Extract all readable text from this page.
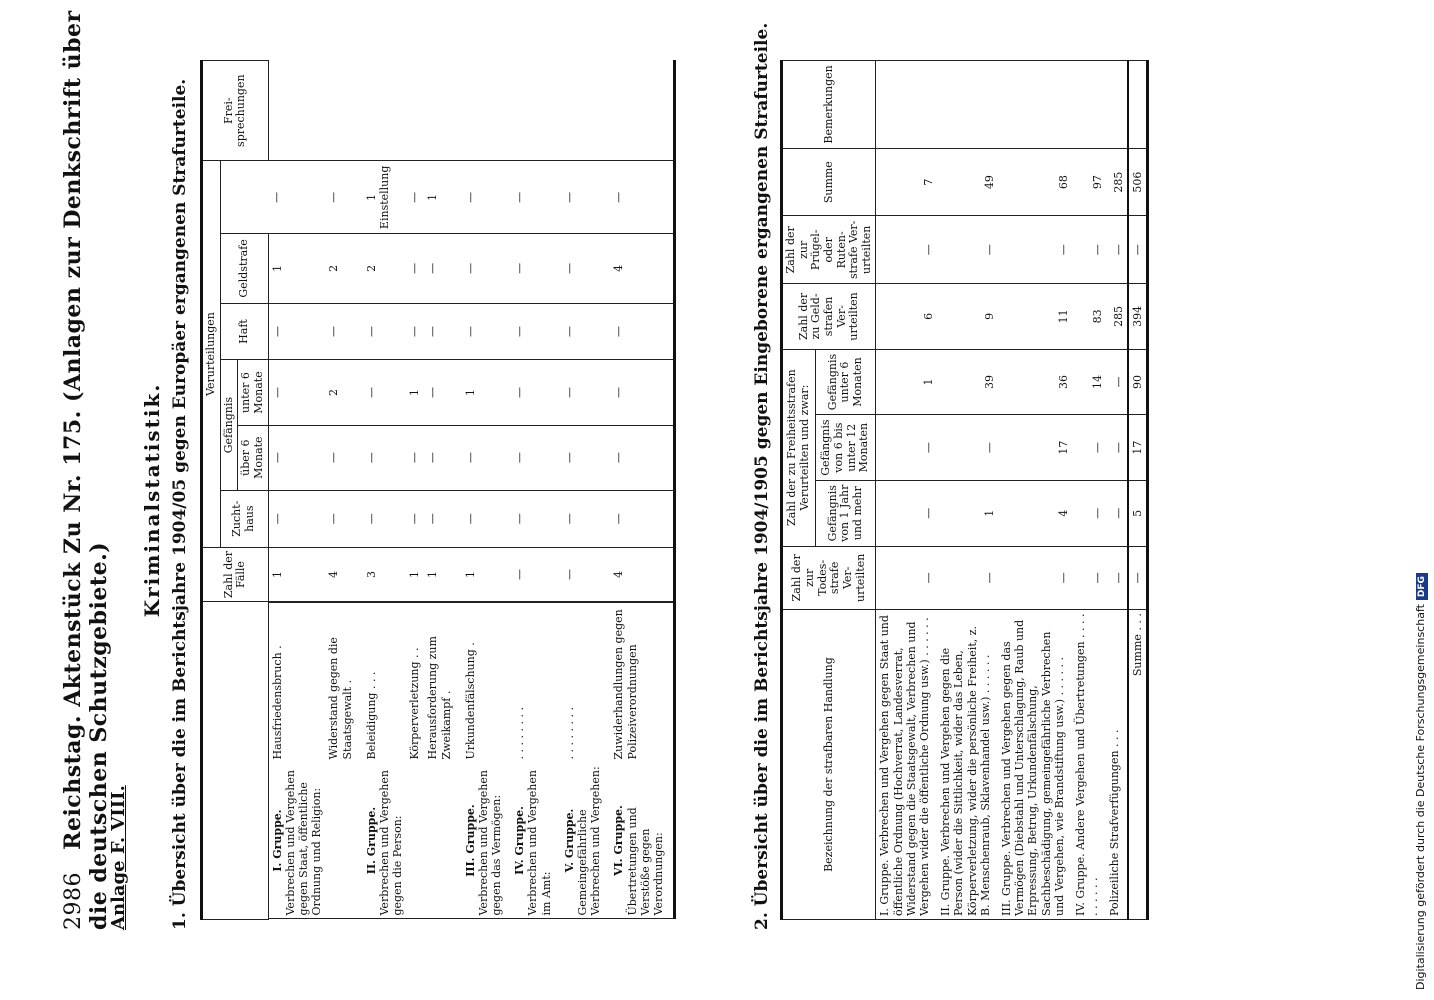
2986 Reichstag. Aktenstück Zu Nr. 175. (Anlagen zur Denkschrift über die deutschen Schutzgebiete.)
Anlage F. VIII.
Kriminalstatistik. 1. Übersicht über die im Berichtsjahre 1904/05 gegen Europäer ergangenen Strafurteile.
		Zahl der Fälle	Verurteilungen						Frei-sprechungen
		Zucht-haus	Gefängnis		Haft	Geldstrafe		
			über 6 Monate	unter 6 Monate				

I. Gruppe. Verbrechen und Vergehen gegen Staat, öffentliche Ordnung und Religion:
Hausfriedensbruch .
1	—	—	—	—	1	—	

Widerstand gegen die Staatsgewalt .
4	—	—	2	—	2	—	

II. Gruppe. Verbrechen und Vergehen gegen die Person:
Beleidigung . . .
3	—	—	—	—	2	1 Einstellung	

Körperverletzung . .
1	—	—	1	—	—	—	

Herausforderung zum Zweikampf .
1	—	—	—	—	—	1	

III. Gruppe. Verbrechen und Vergehen gegen das Vermögen:
Urkundenfälschung .
1	—	—	1	—	—	—	

IV. Gruppe. Verbrechen und Vergehen im Amt:
. . . . . . . .
—	—	—	—	—	—	—	

V. Gruppe. Gemeingefährliche Verbrechen und Vergehen:
. . . . . . . .
—	—	—	—	—	—	—	

VI. Gruppe. Übertretungen und Verstöße gegen Verordnungen:
Zuwiderhandlungen gegen Polizeiverordnungen
4	—	—	—	—	4	—		2. Übersicht über die im Berichtsjahre 1904/1905 gegen Eingeborene ergangenen Strafurteile.	Bezeichnung der strafbaren Handlung	Zahl der zur Todes-strafe Ver-urteilten	Zahl der zu Freiheitsstrafen Verurteilten und zwar:			Zahl der zu Geld-strafen Ver-urteilten	Zahl der zur Prügel- oder Ruten-strafe Ver-urteilten	Summe	Bemerkungen
		Gefängnis von 1 Jahr und mehr	Gefängnis von 6 bis unter 12 Monaten	Gefängnis unter 6 Monaten				
I. Gruppe. Verbrechen und Vergehen gegen Staat und öffentliche Ordnung (Hochverrat, Landesverrat, Widerstand gegen die Staatsgewalt, Verbrechen und Vergehen wider die öffentliche Ordnung usw.) . . . . . .	—	—	—	1	6	—	7	
II. Gruppe. Verbrechen und Vergehen gegen die Person (wider die Sittlichkeit, wider das Leben, Körperverletzung, wider die persönliche Freiheit, z. B. Menschenraub, Sklavenhandel usw.) . . . . . .	—	1	—	39	9	—	49	
III. Gruppe. Verbrechen und Vergehen gegen das Vermögen (Diebstahl und Unterschlagung, Raub und Erpressung, Betrug, Urkundenfälschung, Sachbeschädigung, gemeingefährliche Verbrechen und Vergehen, wie Brandstiftung usw.) . . . . . .	—	4	17	36	11	—	68	
IV. Gruppe. Andere Vergehen und Übertretungen . . . . . . . . . .	—	—	—	14	83	—	97	
Polizeiliche Strafverfügungen . . .	—	—	—	—	285	—	285	
Summe . . .	—	5	17	90	394	—	506	
Digitalisierung gefördert durch die Deutsche ForschungsgemeinschaftDFG
